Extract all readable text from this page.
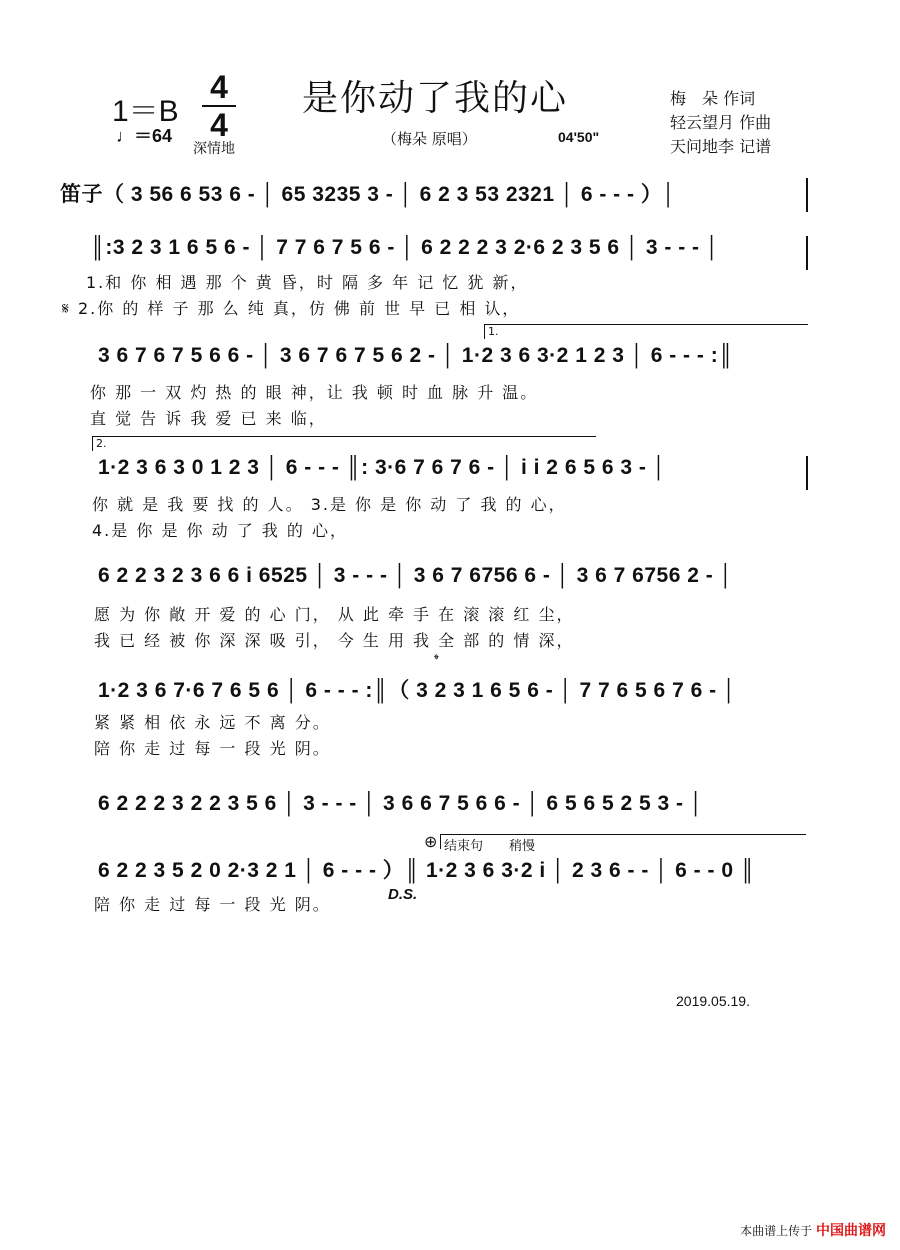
1＝B
4
4
♩＝64
深情地
是你动了我的心
（梅朵 原唱）	04'50"
梅　朵 作词
轻云望月 作曲
天问地李 记谱
笛子（ 3 56 6 53 6 - │ 65 3235 3 - │ 6 2 3 53 2321 │ 6 - - - ）│
║:3 2 3 1 6 5 6 - │ 7 7 6 7 5 6 - │ 6 2 2 2 3 2·6 2 3 5 6 │ 3 - - - │
1.和 你 相 遇 那 个 黄 昏，时 隔 多 年 记 忆 犹 新，
𝄋 2.你 的 样 子 那 么 纯 真，仿 佛 前 世 早 已 相 认，
1.
3 6 7 6 7 5 6 6 - │ 3 6 7 6 7 5 6 2 - │ 1·2 3 6 3·2 1 2 3 │ 6 - - - :║
你 那 一 双 灼 热 的 眼 神，让 我 顿 时 血 脉 升 温。
直 觉 告 诉 我 爱 已 来 临，
2.
1·2 3 6 3 0 1 2 3 │ 6 - - - ║: 3·6 7 6 7 6 - │ i i 2 6 5 6 3 - │
你 就 是 我 要 找 的 人。 3.是 你 是 你 动 了 我 的 心，
4.是 你 是 你 动 了 我 的 心，
6 2 2 3 2 3 6 6 i 6525 │ 3 - - - │ 3 6 7 6756 6 - │ 3 6 7 6756 2 - │
愿 为 你 敞 开 爱 的 心 门， 从 此 牵 手 在 滚 滚 红 尘，
我 已 经 被 你 深 深 吸 引， 今 生 用 我 全 部 的 情 深，
𝄌
1·2 3 6 7·6 7 6 5 6 │ 6 - - - :║（ 3 2 3 1 6 5 6 - │ 7 7 6 5 6 7 6 - │
紧 紧 相 依 永 远 不 离 分。
陪 你 走 过 每 一 段 光 阴。
6 2 2 2 3 2 2 3 5 6 │ 3 - - - │ 3 6 6 7 5 6 6 - │ 6 5 6 5 2 5 3 - │
⊕ 结束句　　稍慢
6 2 2 3 5 2 0 2·3 2 1 │ 6 - - - ）║ 1·2 3 6 3·2 i │ 2 3 6 - - │ 6 - - 0 ║
D.S.
陪 你 走 过 每 一 段 光 阴。
2019.05.19.
本曲谱上传于 中国曲谱网
